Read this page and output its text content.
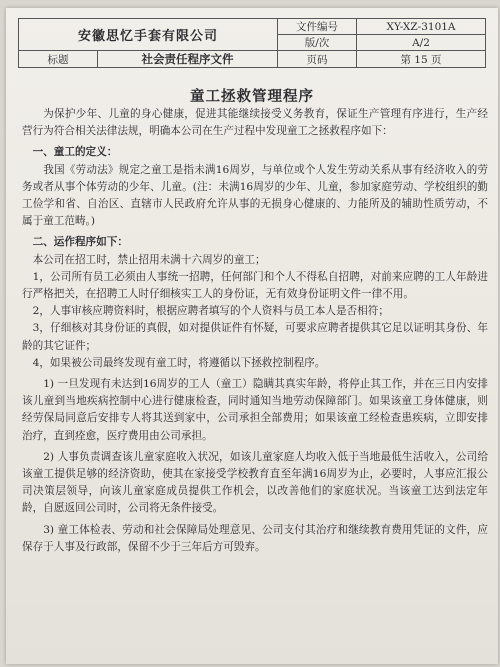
安徽思忆手套有限公司		文件编号	XY-XZ-3101A
		版/次	A/2
标题	社会责任程序文件	页码	第 15 页
童工拯救管理程序

为保护少年、儿童的身心健康，促进其能继续接受义务教育，保证生产管理有序进行，生产经营行为符合相关法律法规，明确本公司在生产过程中发现童工之拯救程序如下：

一、童工的定义：

我国《劳动法》规定之童工是指未满16周岁，与单位或个人发生劳动关系从事有经济收入的劳务或者从事个体劳动的少年、儿童。(注：未满16周岁的少年、儿童，参加家庭劳动、学校组织的勤工俭学和省、自治区、直辖市人民政府允许从事的无损身心健康的、力能所及的辅助性质劳动，不属于童工范畴。)

二、运作程序如下：

本公司在招工时，禁止招用未满十六周岁的童工；

1，公司所有员工必须由人事统一招聘，任何部门和个人不得私自招聘，对前来应聘的工人年龄进行严格把关，在招聘工人时仔细核实工人的身份证，无有效身份证明文件一律不用。

2，人事审核应聘资料时，根据应聘者填写的个人资料与员工本人是否相符；

3，仔细核对其身份证的真假，如对提供证件有怀疑，可要求应聘者提供其它足以证明其身份、年龄的其它证件；

4，如果被公司最终发现有童工时，将遵循以下拯救控制程序。

1) 一旦发现有未达到16周岁的工人（童工）隐瞒其真实年龄，将停止其工作，并在三日内安排该儿童到当地疾病控制中心进行健康检查，同时通知当地劳动保障部门。如果该童工身体健康，则经劳保局同意后安排专人将其送到家中，公司承担全部费用；如果该童工经检查患疾病，立即安排治疗，直到痊愈，医疗费用由公司承担。

2) 人事负责调查该儿童家庭收入状况，如该儿童家庭人均收入低于当地最低生活收入，公司给该童工提供足够的经济资助，使其在家接受学校教育直至年满16周岁为止，必要时，人事应汇报公司决策层领导，向该儿童家庭成员提供工作机会，以改善他们的家庭状况。当该童工达到法定年龄，自愿返回公司时，公司将无条件接受。

3) 童工体检表、劳动和社会保障局处理意见、公司支付其治疗和继续教育费用凭证的文件，应保存于人事及行政部，保留不少于三年后方可毁弃。
